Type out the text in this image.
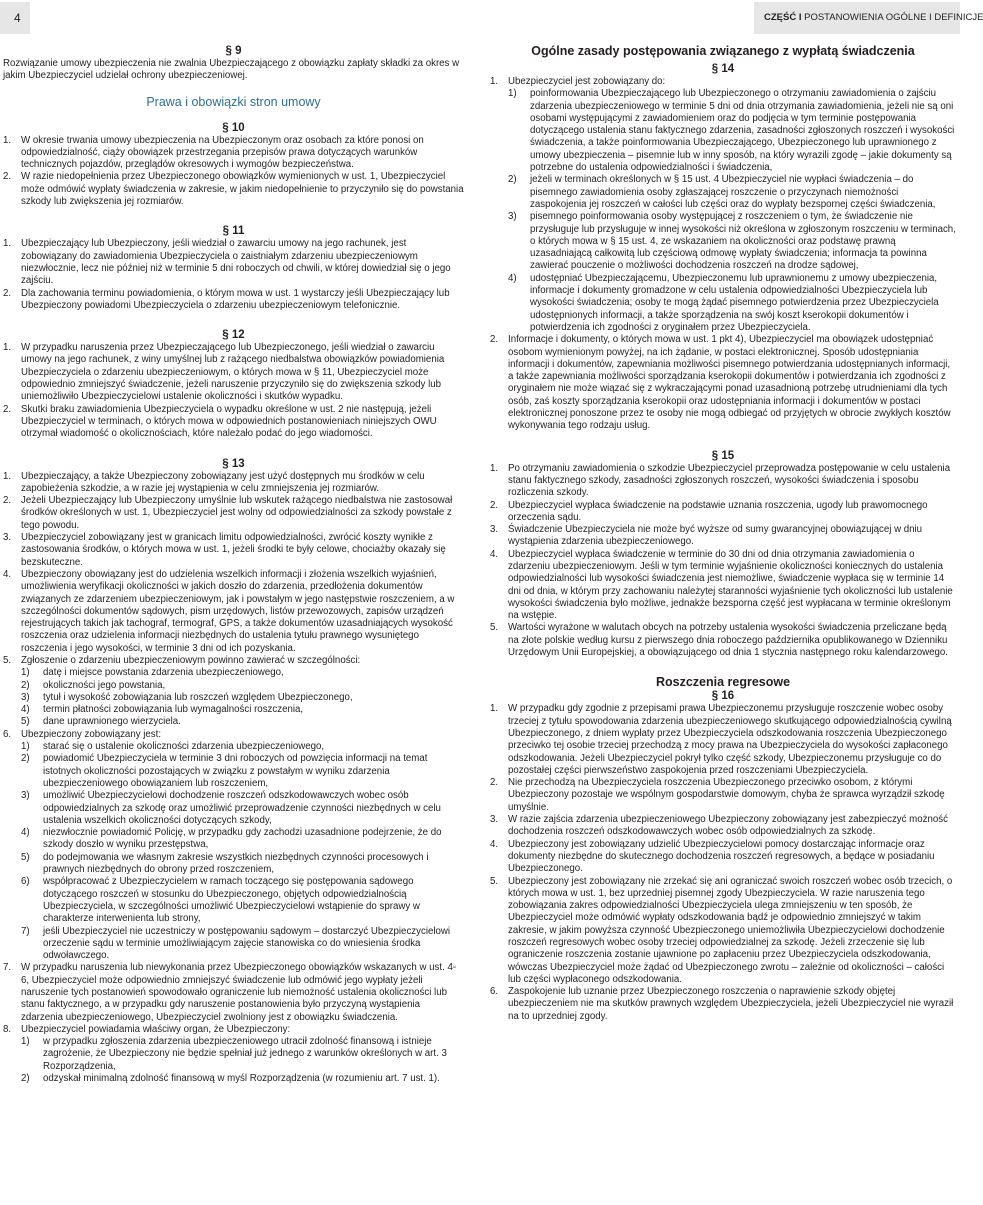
4	CZĘŚĆ I POSTANOWIENIA OGÓLNE I DEFINICJE
§ 9

Rozwiązanie umowy ubezpieczenia nie zwalnia Ubezpieczającego z obowiązku zapłaty składki za okres w jakim Ubezpieczyciel udzielał ochrony ubezpieczeniowej.

Prawa i obowiązki stron umowy
§ 10
1. W okresie trwania umowy ubezpieczenia na Ubezpieczonym oraz osobach za które ponosi on odpowiedzialność, ciąży obowiązek przestrzegania przepisów prawa dotyczących warunków technicznych pojazdów, przeglądów okresowych i wymogów bezpieczeństwa.
2. W razie niedopełnienia przez Ubezpieczonego obowiązków wymienionych w ust. 1, Ubezpieczyciel może odmówić wypłaty świadczenia w zakresie, w jakim niedopełnienie to przyczyniło się do powstania szkody lub zwiększenia jej rozmiarów.
§ 11
1. Ubezpieczający lub Ubezpieczony, jeśli wiedział o zawarciu umowy na jego rachunek, jest zobowiązany do zawiadomienia Ubezpieczyciela o zaistniałym zdarzeniu ubezpieczeniowym niezwłocznie, lecz nie później niż w terminie 5 dni roboczych od chwili, w której dowiedział się o jego zajściu.
2. Dla zachowania terminu powiadomienia, o którym mowa w ust. 1 wystarczy jeśli Ubezpieczający lub Ubezpieczony powiadomi Ubezpieczyciela o zdarzeniu ubezpieczeniowym telefonicznie.
§ 12
1. W przypadku naruszenia przez Ubezpieczającego lub Ubezpieczonego, jeśli wiedział o zawarciu umowy na jego rachunek, z winy umyślnej lub z rażącego niedbalstwa obowiązków powiadomienia Ubezpieczyciela o zdarzeniu ubezpieczeniowym, o których mowa w § 11, Ubezpieczyciel może odpowiednio zmniejszyć świadczenie, jeżeli naruszenie przyczyniło się do zwiększenia szkody lub uniemożliwiło Ubezpieczycielowi ustalenie okoliczności i skutków wypadku.
2. Skutki braku zawiadomienia Ubezpieczyciela o wypadku określone w ust. 2 nie następują, jeżeli Ubezpieczyciel w terminach, o których mowa w odpowiednich postanowieniach niniejszych OWU otrzymał wiadomość o okolicznościach, które należało podać do jego wiadomości.
§ 13
1. Ubezpieczający, a także Ubezpieczony zobowiązany jest użyć dostępnych mu środków w celu zapobieżenia szkodzie, a w razie jej wystąpienia w celu zmniejszenia jej rozmiarów.
2. Jeżeli Ubezpieczający lub Ubezpieczony umyślnie lub wskutek rażącego niedbalstwa nie zastosował środków określonych w ust. 1, Ubezpieczyciel jest wolny od odpowiedzialności za szkody powstałe z tego powodu.
3. Ubezpieczyciel zobowiązany jest w granicach limitu odpowiedzialności, zwrócić koszty wynikłe z zastosowania środków, o których mowa w ust. 1, jeżeli środki te były celowe, chociażby okazały się bezskuteczne.
4. Ubezpieczony obowiązany jest do udzielenia wszelkich informacji i złożenia wszelkich wyjaśnień, umożliwienia weryfikacji okoliczności w jakich doszło do zdarzenia, przedłożenia dokumentów związanych ze zdarzeniem ubezpieczeniowym, jak i powstałym w jego następstwie roszczeniem, a w szczególności dokumentów sądowych, pism urzędowych, listów przewozowych, zapisów urządzeń rejestrujących takich jak tachograf, termograf, GPS, a także dokumentów uzasadniających wysokość roszczenia oraz udzielenia informacji niezbędnych do ustalenia tytułu prawnego wysuniętego roszczenia i jego wysokości, w terminie 3 dni od ich pozyskania.
5. Zgłoszenie o zdarzeniu ubezpieczeniowym powinno zawierać w szczególności:
1) datę i miejsce powstania zdarzenia ubezpieczeniowego,
2) okoliczności jego powstania,
3) tytuł i wysokość zobowiązania lub roszczeń względem Ubezpieczonego,
4) termin płatności zobowiązania lub wymagalności roszczenia,
5) dane uprawnionego wierzyciela.
6. Ubezpieczony zobowiązany jest:
1) starać się o ustalenie okoliczności zdarzenia ubezpieczeniowego,
2) powiadomić Ubezpieczyciela w terminie 3 dni roboczych od powzięcia informacji na temat istotnych okoliczności pozostających w związku z powstałym w wyniku zdarzenia ubezpieczeniowego obowiązaniem lub roszczeniem,
3) umożliwić Ubezpieczycielowi dochodzenie roszczeń odszkodowawczych wobec osób odpowiedzialnych za szkodę oraz umożliwić przeprowadzenie czynności niezbędnych w celu ustalenia wszelkich okoliczności dotyczących szkody,
4) niezwłocznie powiadomić Policję, w przypadku gdy zachodzi uzasadnione podejrzenie, że do szkody doszło w wyniku przestępstwa,
5) do podejmowania we własnym zakresie wszystkich niezbędnych czynności procesowych i prawnych niezbędnych do obrony przed roszczeniem,
6) współpracować z Ubezpieczycielem w ramach toczącego się postępowania sądowego dotyczącego roszczeń w stosunku do Ubezpieczonego, objętych odpowiedzialnością Ubezpieczyciela, w szczególności umożliwić Ubezpieczycielowi wstąpienie do sprawy w charakterze interwenienta lub strony,
7) jeśli Ubezpieczyciel nie uczestniczy w postępowaniu sądowym – dostarczyć Ubezpieczycielowi orzeczenie sądu w terminie umożliwiającym zajęcie stanowiska co do wniesienia środka odwoławczego.
7. W przypadku naruszenia lub niewykonania przez Ubezpieczonego obowiązków wskazanych w ust. 4-6, Ubezpieczyciel może odpowiednio zmniejszyć świadczenie lub odmówić jego wypłaty jeżeli naruszenie tych postanowień spowodowało ograniczenie lub niemożność ustalenia okoliczności lub stanu faktycznego, a w przypadku gdy naruszenie postanowienia było przyczyną wystąpienia zdarzenia ubezpieczeniowego, Ubezpieczyciel zwolniony jest z obowiązku świadczenia.
8. Ubezpieczyciel powiadamia właściwy organ, że Ubezpieczony:
1) w przypadku zgłoszenia zdarzenia ubezpieczeniowego utracił zdolność finansową i istnieje zagrożenie, że Ubezpieczony nie będzie spełniał już jednego z warunków określonych w art. 3 Rozporządzenia,
2) odzyskał minimalną zdolność finansową w myśl Rozporządzenia (w rozumieniu art. 7 ust. 1).
Ogólne zasady postępowania związanego z wypłatą świadczenia
§ 14
1. Ubezpieczyciel jest zobowiązany do:
1) poinformowania Ubezpieczającego lub Ubezpieczonego o otrzymaniu zawiadomienia o zajściu zdarzenia ubezpieczeniowego w terminie 5 dni od dnia otrzymania zawiadomienia, jeżeli nie są oni osobami występującymi z zawiadomieniem oraz do podjęcia w tym terminie postępowania dotyczącego ustalenia stanu faktycznego zdarzenia, zasadności zgłoszonych roszczeń i wysokości świadczenia, a także poinformowania Ubezpieczającego, Ubezpieczonego lub uprawnionego z umowy ubezpieczenia – pisemnie lub w inny sposób, na który wyrazili zgodę – jakie dokumenty są potrzebne do ustalenia odpowiedzialności i świadczenia,
2) jeżeli w terminach określonych w § 15 ust. 4 Ubezpieczyciel nie wypłaci świadczenia – do pisemnego zawiadomienia osoby zgłaszającej roszczenie o przyczynach niemożności zaspokojenia jej roszczeń w całości lub części oraz do wypłaty bezspornej części świadczenia,
3) pisemnego poinformowania osoby występującej z roszczeniem o tym, że świadczenie nie przysługuje lub przysługuje w innej wysokości niż określona w zgłoszonym roszczeniu w terminach, o których mowa w § 15 ust. 4, ze wskazaniem na okoliczności oraz podstawę prawną uzasadniającą całkowitą lub częściową odmowę wypłaty świadczenia; informacja ta powinna zawierać pouczenie o możliwości dochodzenia roszczeń na drodze sądowej,
4) udostępniać Ubezpieczającemu, Ubezpieczonemu lub uprawnionemu z umowy ubezpieczenia, informacje i dokumenty gromadzone w celu ustalenia odpowiedzialności Ubezpieczyciela lub wysokości świadczenia; osoby te mogą żądać pisemnego potwierdzenia przez Ubezpieczyciela udostępnionych informacji, a także sporządzenia na swój koszt kserokopii dokumentów i potwierdzenia ich zgodności z oryginałem przez Ubezpieczyciela.
2. Informacje i dokumenty, o których mowa w ust. 1 pkt 4), Ubezpieczyciel ma obowiązek udostępniać osobom wymienionym powyżej, na ich żądanie, w postaci elektronicznej. Sposób udostępniania informacji i dokumentów, zapewniania możliwości pisemnego potwierdzania udostępnianych informacji, a także zapewniania możliwości sporządzania kserokopii dokumentów i potwierdzania ich zgodności z oryginałem nie może wiązać się z wykraczającymi ponad uzasadnioną potrzebę utrudnieniami dla tych osób, zaś koszty sporządzania kserokopii oraz udostępniania informacji i dokumentów w postaci elektronicznej ponoszone przez te osoby nie mogą odbiegać od przyjętych w obrocie zwykłych kosztów wykonywania tego rodzaju usług.
§ 15
1. Po otrzymaniu zawiadomienia o szkodzie Ubezpieczyciel przeprowadza postępowanie w celu ustalenia stanu faktycznego szkody, zasadności zgłoszonych roszczeń, wysokości świadczenia i sposobu rozliczenia szkody.
2. Ubezpieczyciel wypłaca świadczenie na podstawie uznania roszczenia, ugody lub prawomocnego orzeczenia sądu.
3. Świadczenie Ubezpieczyciela nie może być wyższe od sumy gwarancyjnej obowiązującej w dniu wystąpienia zdarzenia ubezpieczeniowego.
4. Ubezpieczyciel wypłaca świadczenie w terminie do 30 dni od dnia otrzymania zawiadomienia o zdarzeniu ubezpieczeniowym. Jeśli w tym terminie wyjaśnienie okoliczności koniecznych do ustalenia odpowiedzialności lub wysokości świadczenia jest niemożliwe, świadczenie wypłaca się w terminie 14 dni od dnia, w którym przy zachowaniu należytej staranności wyjaśnienie tych okoliczności lub ustalenie wysokości świadczenia było możliwe, jednakże bezsporna część jest wypłacana w terminie określonym na wstępie.
5. Wartości wyrażone w walutach obcych na potrzeby ustalenia wysokości świadczenia przeliczane będą na złote polskie według kursu z pierwszego dnia roboczego października opublikowanego w Dzienniku Urzędowym Unii Europejskiej, a obowiązującego od dnia 1 stycznia następnego roku kalendarzowego.
Roszczenia regresowe
§ 16
1. W przypadku gdy zgodnie z przepisami prawa Ubezpieczonemu przysługuje roszczenie wobec osoby trzeciej z tytułu spowodowania zdarzenia ubezpieczeniowego skutkującego odpowiedzialnością cywilną Ubezpieczonego, z dniem wypłaty przez Ubezpieczyciela odszkodowania roszczenia Ubezpieczonego przeciwko tej osobie trzeciej przechodzą z mocy prawa na Ubezpieczyciela do wysokości zapłaconego odszkodowania. Jeżeli Ubezpieczyciel pokrył tylko część szkody, Ubezpieczonemu przysługuje co do pozostałej części pierwszeństwo zaspokojenia przed roszczeniami Ubezpieczyciela.
2. Nie przechodzą na Ubezpieczyciela roszczenia Ubezpieczonego przeciwko osobom, z którymi Ubezpieczony pozostaje we wspólnym gospodarstwie domowym, chyba że sprawca wyrządził szkodę umyślnie.
3. W razie zajścia zdarzenia ubezpieczeniowego Ubezpieczony zobowiązany jest zabezpieczyć możność dochodzenia roszczeń odszkodowawczych wobec osób odpowiedzialnych za szkodę.
4. Ubezpieczony jest zobowiązany udzielić Ubezpieczycielowi pomocy dostarczając informacje oraz dokumenty niezbędne do skutecznego dochodzenia roszczeń regresowych, a będące w posiadaniu Ubezpieczonego.
5. Ubezpieczony jest zobowiązany nie zrzekać się ani ograniczać swoich roszczeń wobec osób trzecich, o których mowa w ust. 1, bez uprzedniej pisemnej zgody Ubezpieczyciela. W razie naruszenia tego zobowiązania zakres odpowiedzialności Ubezpieczyciela ulega zmniejszeniu w ten sposób, że Ubezpieczyciel może odmówić wypłaty odszkodowania bądź je odpowiednio zmniejszyć w takim zakresie, w jakim powyższa czynność Ubezpieczonego uniemożliwiła Ubezpieczycielowi dochodzenie roszczeń regresowych wobec osoby trzeciej odpowiedzialnej za szkodę. Jeżeli zrzeczenie się lub ograniczenie roszczenia zostanie ujawnione po zapłaceniu przez Ubezpieczyciela odszkodowania, wówczas Ubezpieczyciel może żądać od Ubezpieczonego zwrotu – zależnie od okoliczności – całości lub części wypłaconego odszkodowania.
6. Zaspokojenie lub uznanie przez Ubezpieczonego roszczenia o naprawienie szkody objętej ubezpieczeniem nie ma skutków prawnych względem Ubezpieczyciela, jeżeli Ubezpieczyciel nie wyraził na to uprzedniej zgody.
